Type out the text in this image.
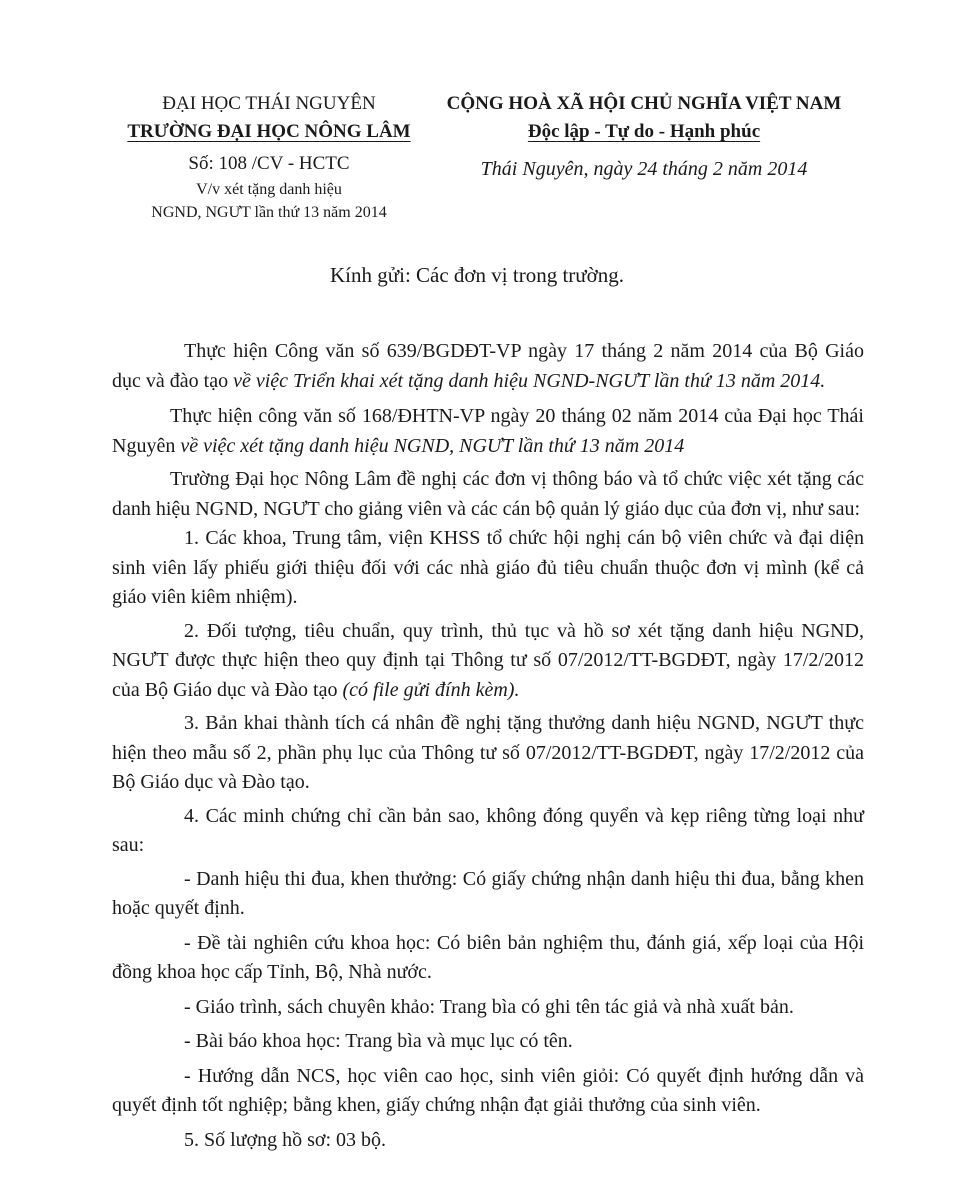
ĐẠI HỌC THÁI NGUYÊN
TRƯỜNG ĐẠI HỌC NÔNG LÂM
Số: 108 /CV - HCTC
V/v xét tặng danh hiệu
NGND, NGƯT lần thứ 13 năm 2014
CỘNG HOÀ XÃ HỘI CHỦ NGHĨA VIỆT NAM
Độc lập - Tự do - Hạnh phúc
Thái Nguyên, ngày 24 tháng 2 năm 2014
Kính gửi: Các đơn vị trong trường.

Thực hiện Công văn số 639/BGDĐT-VP ngày 17 tháng 2 năm 2014 của Bộ Giáo dục và đào tạo về việc Triển khai xét tặng danh hiệu NGND-NGƯT lần thứ 13 năm 2014.

Thực hiện công văn số 168/ĐHTN-VP ngày 20 tháng 02 năm 2014 của Đại học Thái Nguyên về việc xét tặng danh hiệu NGND, NGƯT lần thứ 13 năm 2014

Trường Đại học Nông Lâm đề nghị các đơn vị thông báo và tổ chức việc xét tặng các danh hiệu NGND, NGƯT cho giảng viên và các cán bộ quản lý giáo dục của đơn vị, như sau:

1. Các khoa, Trung tâm, viện KHSS tổ chức hội nghị cán bộ viên chức và đại diện sinh viên lấy phiếu giới thiệu đối với các nhà giáo đủ tiêu chuẩn thuộc đơn vị mình (kể cả giáo viên kiêm nhiệm).

2. Đối tượng, tiêu chuẩn, quy trình, thủ tục và hồ sơ xét tặng danh hiệu NGND, NGƯT được thực hiện theo quy định tại Thông tư số 07/2012/TT-BGDĐT, ngày 17/2/2012 của Bộ Giáo dục và Đào tạo (có file gửi đính kèm).

3. Bản khai thành tích cá nhân đề nghị tặng thưởng danh hiệu NGND, NGƯT thực hiện theo mẫu số 2, phần phụ lục của Thông tư số 07/2012/TT-BGDĐT, ngày 17/2/2012 của Bộ Giáo dục và Đào tạo.

4. Các minh chứng chỉ cần bản sao, không đóng quyển và kẹp riêng từng loại như sau:

- Danh hiệu thi đua, khen thưởng: Có giấy chứng nhận danh hiệu thi đua, bằng khen hoặc quyết định.

- Đề tài nghiên cứu khoa học: Có biên bản nghiệm thu, đánh giá, xếp loại của Hội đồng khoa học cấp Tỉnh, Bộ, Nhà nước.

- Giáo trình, sách chuyên khảo: Trang bìa có ghi tên tác giả và nhà xuất bản.

- Bài báo khoa học: Trang bìa và mục lục có tên.

- Hướng dẫn NCS, học viên cao học, sinh viên giỏi: Có quyết định hướng dẫn và quyết định tốt nghiệp; bằng khen, giấy chứng nhận đạt giải thưởng của sinh viên.

5. Số lượng hồ sơ: 03 bộ.
